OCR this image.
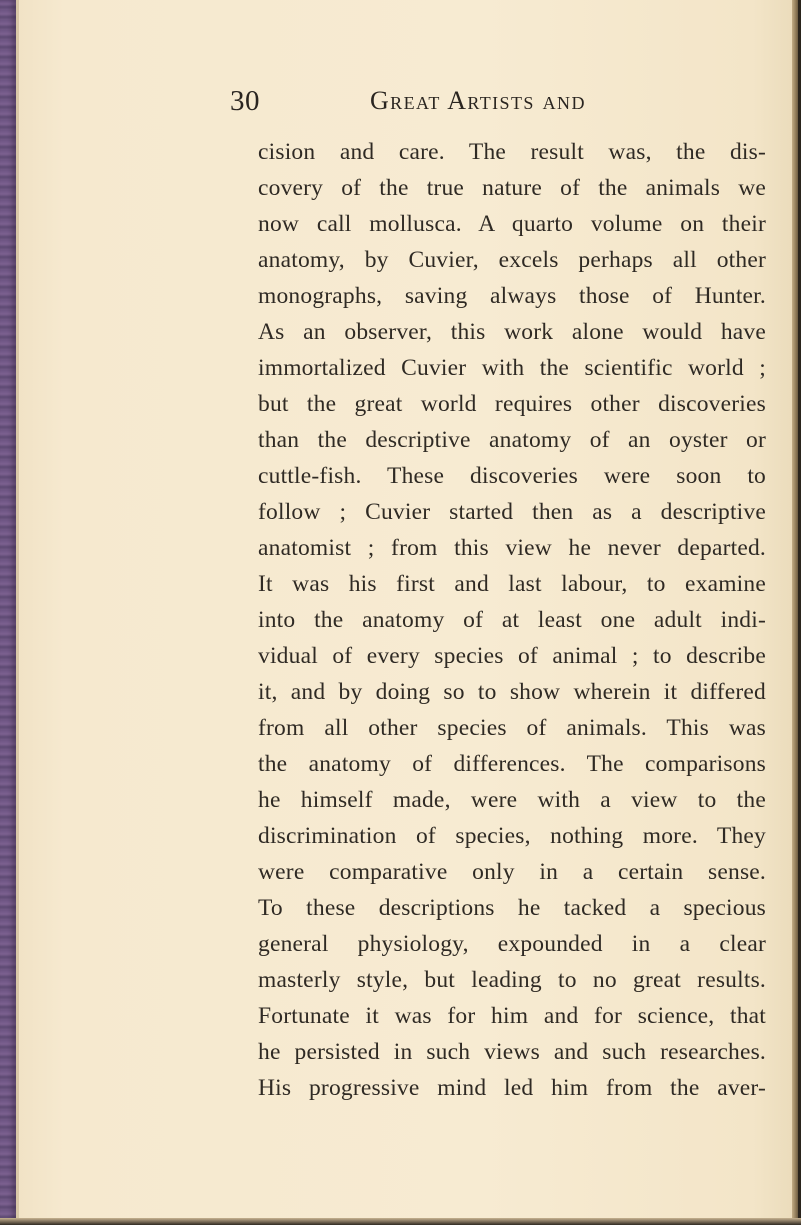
30	Great Artists and
cision and care. The result was, the dis-
covery of the true nature of the animals we
now call mollusca. A quarto volume on their
anatomy, by Cuvier, excels perhaps all other
monographs, saving always those of Hunter.
As an observer, this work alone would have
immortalized Cuvier with the scientific world ;
but the great world requires other discoveries
than the descriptive anatomy of an oyster or
cuttle-fish. These discoveries were soon to
follow ; Cuvier started then as a descriptive
anatomist ; from this view he never departed.
It was his first and last labour, to examine
into the anatomy of at least one adult indi-
vidual of every species of animal ; to describe
it, and by doing so to show wherein it differed
from all other species of animals. This was
the anatomy of differences. The comparisons
he himself made, were with a view to the
discrimination of species, nothing more. They
were comparative only in a certain sense.
To these descriptions he tacked a specious
general physiology, expounded in a clear
masterly style, but leading to no great results.
Fortunate it was for him and for science, that
he persisted in such views and such researches.
His progressive mind led him from the aver-
